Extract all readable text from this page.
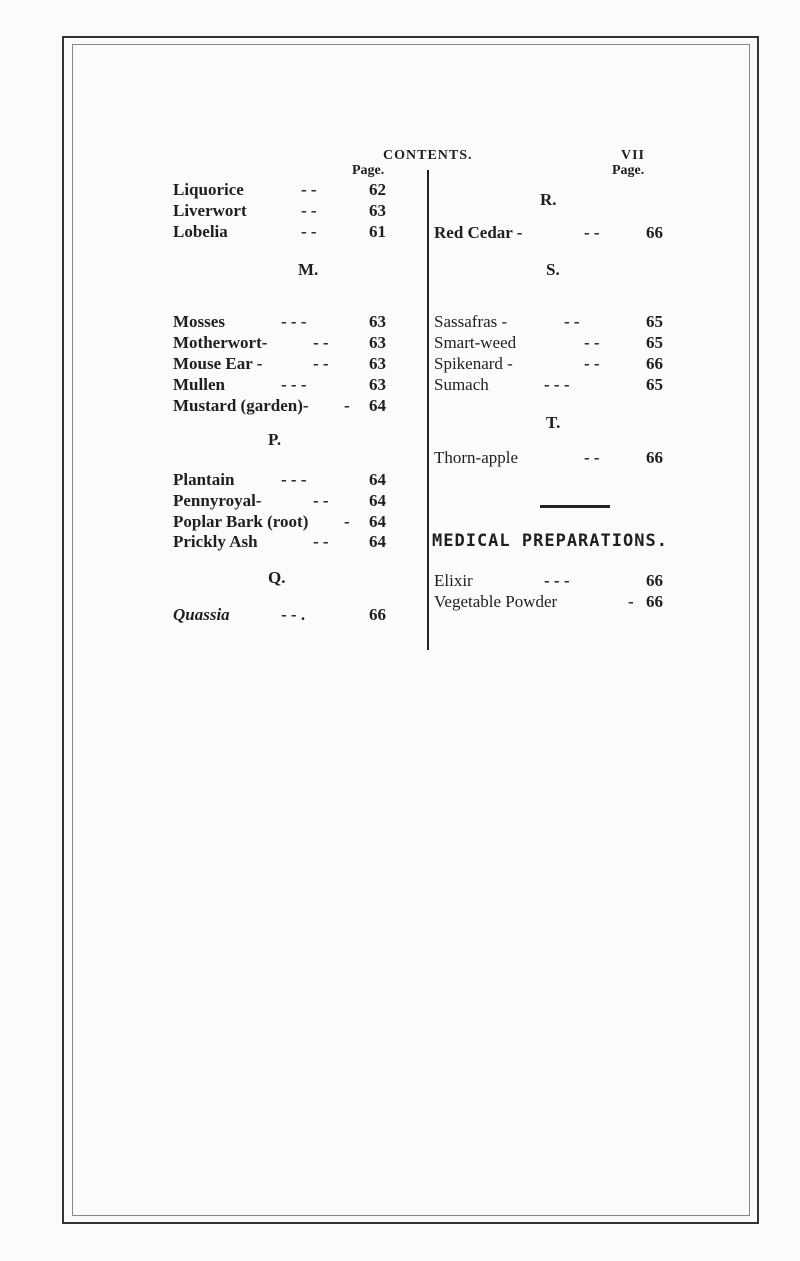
CONTENTS.	VII
Page.	Page.
Liquorice	- -	62
Liverwort	- -	63
Lobelia	- -	61
M.
Mosses	- - -	63
Motherwort-	- - 63
Mouse Ear -	- - 63
Mullen	- - -	63
Mustard (garden)- - 64
P.
Plantain	- - -	64
Pennyroyal-	- - 64
Poplar Bark (root) - 64
Prickly Ash	- - 64
Q.
Quassia	- - .	66
R.
Red Cedar -	- -	66
S.
Sassafras -	- -	65
Smart-weed	- -	65
Spikenard -	- -	66
Sumach	- - -	65
T.
Thorn-apple	- -	66
MEDICAL PREPARATIONS.
Elixir	- - -	66
Vegetable Powder	- 66
